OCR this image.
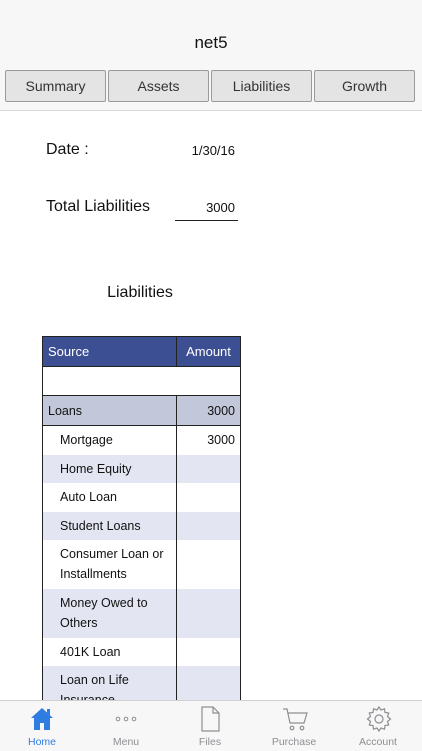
net5
Summary	Assets	Liabilities	Growth
Date :	1/30/16
Total Liabilities	3000
Liabilities
Source	Amount

Loans	3000
Mortgage	3000
Home Equity	
Auto Loan	
Student Loans	
Consumer Loan or Installments	
Money Owed to Others	
401K Loan	
Loan on Life	
Home	Menu	Files	Purchase	Account
